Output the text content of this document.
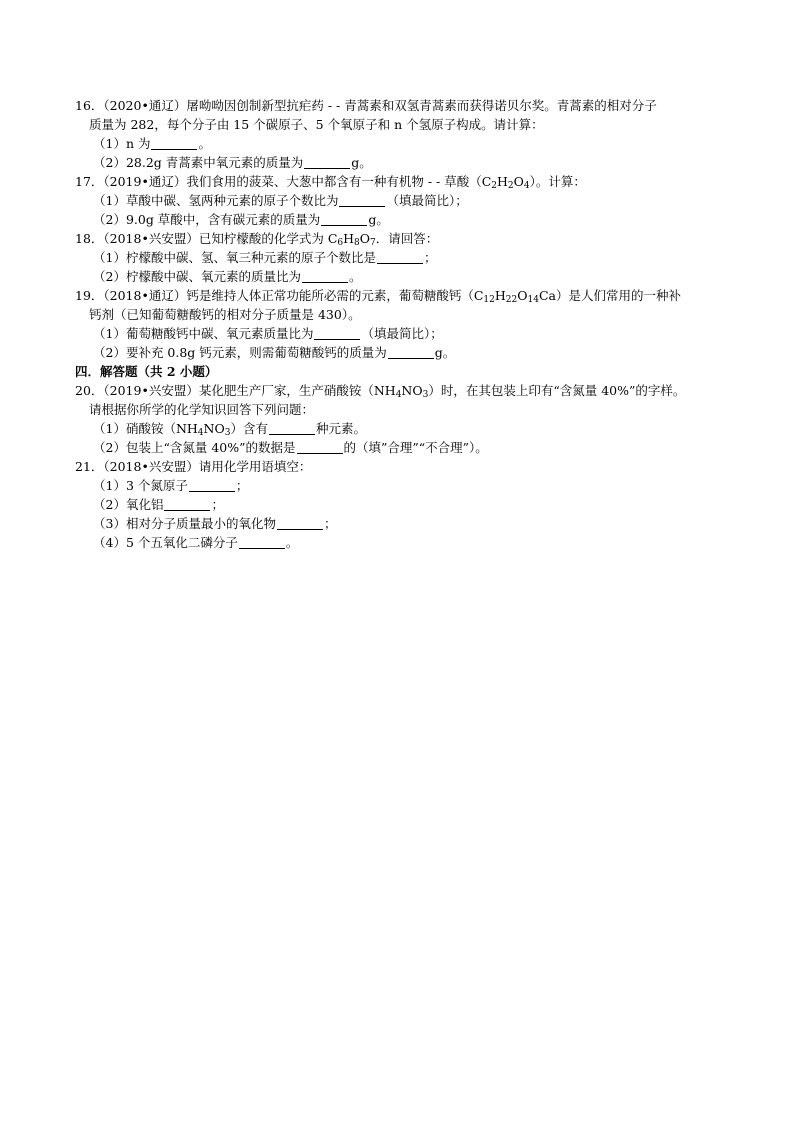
16．（2020•通辽）屠呦呦因创制新型抗疟药 - - 青蒿素和双氢青蒿素而获得诺贝尔奖。青蒿素的相对分子
质量为 282，每个分子由 15 个碳原子、5 个氧原子和 n 个氢原子构成。请计算：
（1）n 为	。
（2）28.2g 青蒿素中氧元素的质量为	g。
17．（2019•通辽）我们食用的菠菜、大葱中都含有一种有机物 - - 草酸$(C_2H_2O_4)$。计算：
（1）草酸中碳、氢两种元素的原子个数比为	（填最简比）；
（2）9.0g 草酸中，含有碳元素的质量为	g。
18．（2018•兴安盟）已知柠檬酸的化学式为 $C_6H_8O_7$．请回答：
（1）柠檬酸中碳、氢、氧三种元素的原子个数比是	；
（2）柠檬酸中碳、氧元素的质量比为	。
19．（2018•通辽）钙是维持人体正常功能所必需的元素，葡萄糖酸钙$(C_{12}H_{22}O_{14}Ca)$是人们常用的一种补
钙剂（已知葡萄糖酸钙的相对分子质量是 430）。
（1）葡萄糖酸钙中碳、氧元素质量比为	（填最简比）；
（2）要补充 0.8g 钙元素，则需葡萄糖酸钙的质量为	g。
四．解答题（共 2 小题）
20．（2019•兴安盟）某化肥生产厂家，生产硝酸铵$(NH_4NO_3)$时，在其包装上印有“含氮量 40%”的字样。
请根据你所学的化学知识回答下列问题：
（1）硝酸铵$(NH_4NO_3)$含有	种元素。
（2）包装上“含氮量 40%”的数据是	的（填”合理”“不合理”）。
21．（2018•兴安盟）请用化学用语填空：
（1）3 个氮原子	；
（2）氧化铝	；
（3）相对分子质量最小的氧化物	；
（4）5 个五氧化二磷分子	。
